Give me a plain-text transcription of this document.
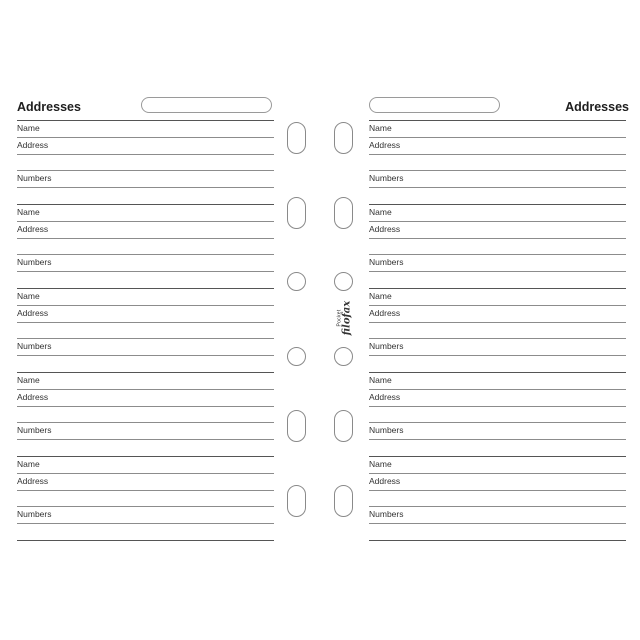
Addresses
Name
Address
Numbers
Name
Address
Numbers
Name
Address
Numbers
Name
Address
Numbers
Name
Address
Numbers
Addresses
Name
Address
Numbers
Name
Address
Numbers
Name
Address
Numbers
Name
Address
Numbers
Name
Address
Numbers
Pocket filofax
